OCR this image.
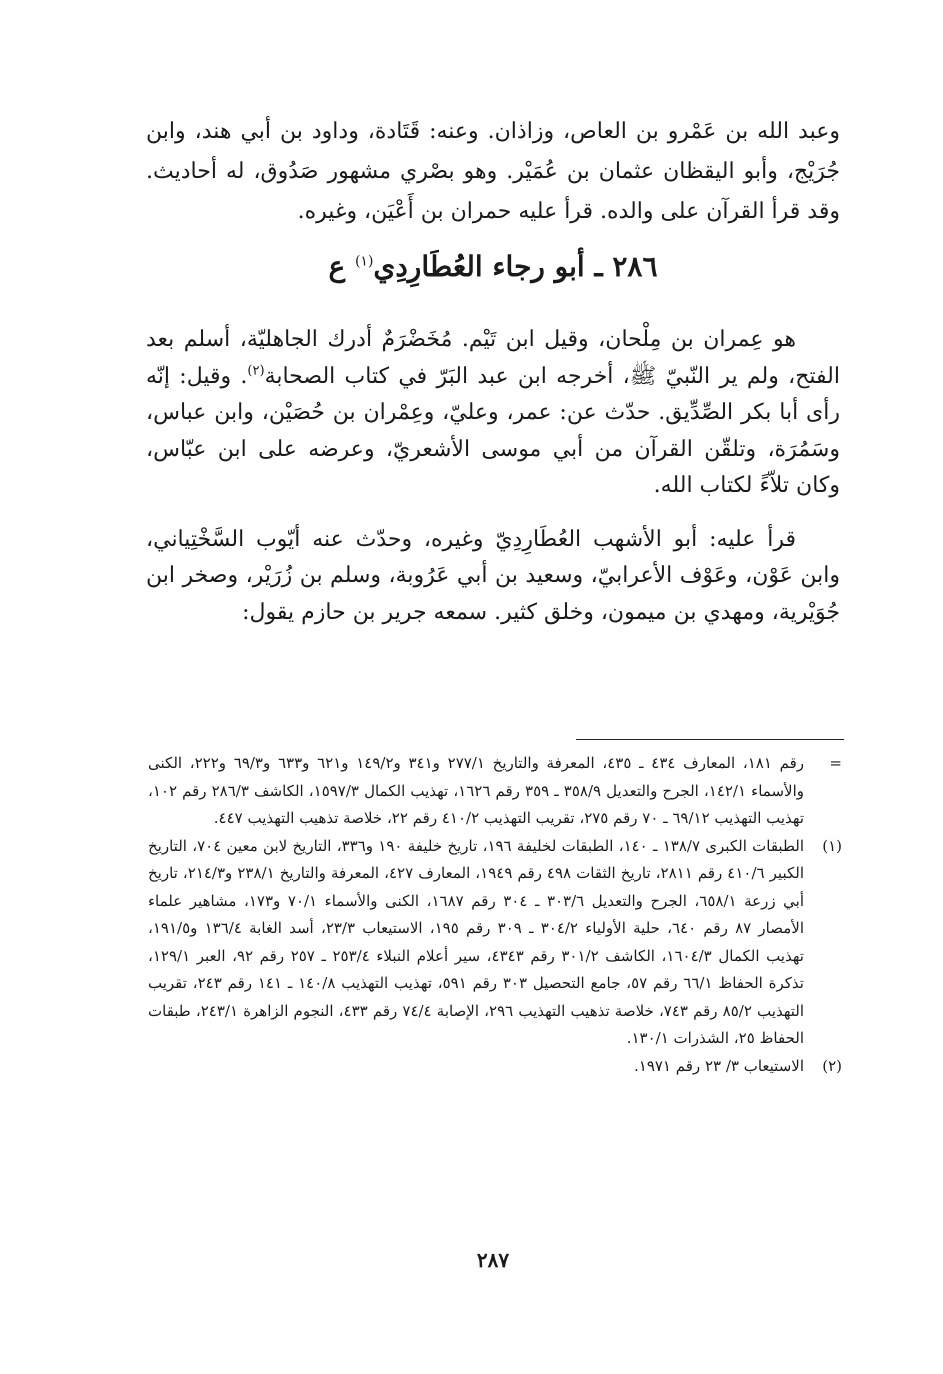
وعبد الله بن عَمْرو بن العاص، وزاذان. وعنه: قَتَادة، وداود بن أبي هند، وابن جُرَيْج، وأبو اليقظان عثمان بن عُمَيْر. وهو بصْري مشهور صَدُوق، له أحاديث. وقد قرأ القرآن على والده. قرأ عليه حمران بن أَعْيَن، وغيره.

٢٨٦ ـ أبو رجاء العُطَارِدِي$^{(١)}$ ع

هو عِمران بن مِلْحان، وقيل ابن تَيْم. مُخَضْرَمٌ أدرك الجاهليّة، أسلم بعد الفتح، ولم ير النّبيّ ﷺ، أخرجه ابن عبد البَرّ في كتاب الصحابة$^{(٢)}$. وقيل: إنّه رأى أبا بكر الصِّدِّيق. حدّث عن: عمر، وعليّ، وعِمْران بن حُصَيْن، وابن عباس، وسَمُرَة، وتلقّن القرآن من أبي موسى الأشعريّ، وعرضه على ابن عبّاس، وكان تلاّءً لكتاب الله.

قرأ عليه: أبو الأشهب العُطَارِدِيّ وغيره، وحدّث عنه أيّوب السَّخْتِياني، وابن عَوْن، وعَوْف الأعرابيّ، وسعيد بن أبي عَرُوبة، وسلم بن زُرَيْر، وصخر ابن جُوَيْرية، ومهدي بن ميمون، وخلق كثير. سمعه جرير بن حازم يقول:

=
رقم ١٨١، المعارف ٤٣٤ ـ ٤٣٥، المعرفة والتاريخ ٢٧٧/١ و٣٤١ و١٤٩/٢ و٦٢١ و٦٣٣ و٦٩/٣ و٢٢٢، الكنى والأسماء ١٤٢/١، الجرح والتعديل ٣٥٨/٩ ـ ٣٥٩ رقم ١٦٢٦، تهذيب الكمال ١٥٩٧/٣، الكاشف ٢٨٦/٣ رقم ١٠٢، تهذيب التهذيب ٦٩/١٢ ـ ٧٠ رقم ٢٧٥، تقريب التهذيب ٤١٠/٢ رقم ٢٢، خلاصة تذهيب التهذيب ٤٤٧.
(١)
الطبقات الكبرى ١٣٨/٧ ـ ١٤٠، الطبقات لخليفة ١٩٦، تاريخ خليفة ١٩٠ و٣٣٦، التاريخ لابن معين ٧٠٤، التاريخ الكبير ٤١٠/٦ رقم ٢٨١١، تاريخ الثقات ٤٩٨ رقم ١٩٤٩، المعارف ٤٢٧، المعرفة والتاريخ ٢٣٨/١ و٢١٤/٣، تاريخ أبي زرعة ٦٥٨/١، الجرح والتعديل ٣٠٣/٦ ـ ٣٠٤ رقم ١٦٨٧، الكنى والأسماء ٧٠/١ و١٧٣، مشاهير علماء الأمصار ٨٧ رقم ٦٤٠، حلية الأولياء ٣٠٤/٢ ـ ٣٠٩ رقم ١٩٥، الاستيعاب ٢٣/٣، أسد الغابة ١٣٦/٤ و١٩١/٥، تهذيب الكمال ١٦٠٤/٣، الكاشف ٣٠١/٢ رقم ٤٣٤٣، سير أعلام النبلاء ٢٥٣/٤ ـ ٢٥٧ رقم ٩٢، العبر ١٢٩/١، تذكرة الحفاظ ٦٦/١ رقم ٥٧، جامع التحصيل ٣٠٣ رقم ٥٩١، تهذيب التهذيب ١٤٠/٨ ـ ١٤١ رقم ٢٤٣، تقريب التهذيب ٨٥/٢ رقم ٧٤٣، خلاصة تذهيب التهذيب ٢٩٦، الإصابة ٧٤/٤ رقم ٤٣٣، النجوم الزاهرة ٢٤٣/١، طبقات الحفاظ ٢٥، الشذرات ١٣٠/١.
(٢)
الاستيعاب ٣/ ٢٣ رقم ١٩٧١.
٢٨٧
